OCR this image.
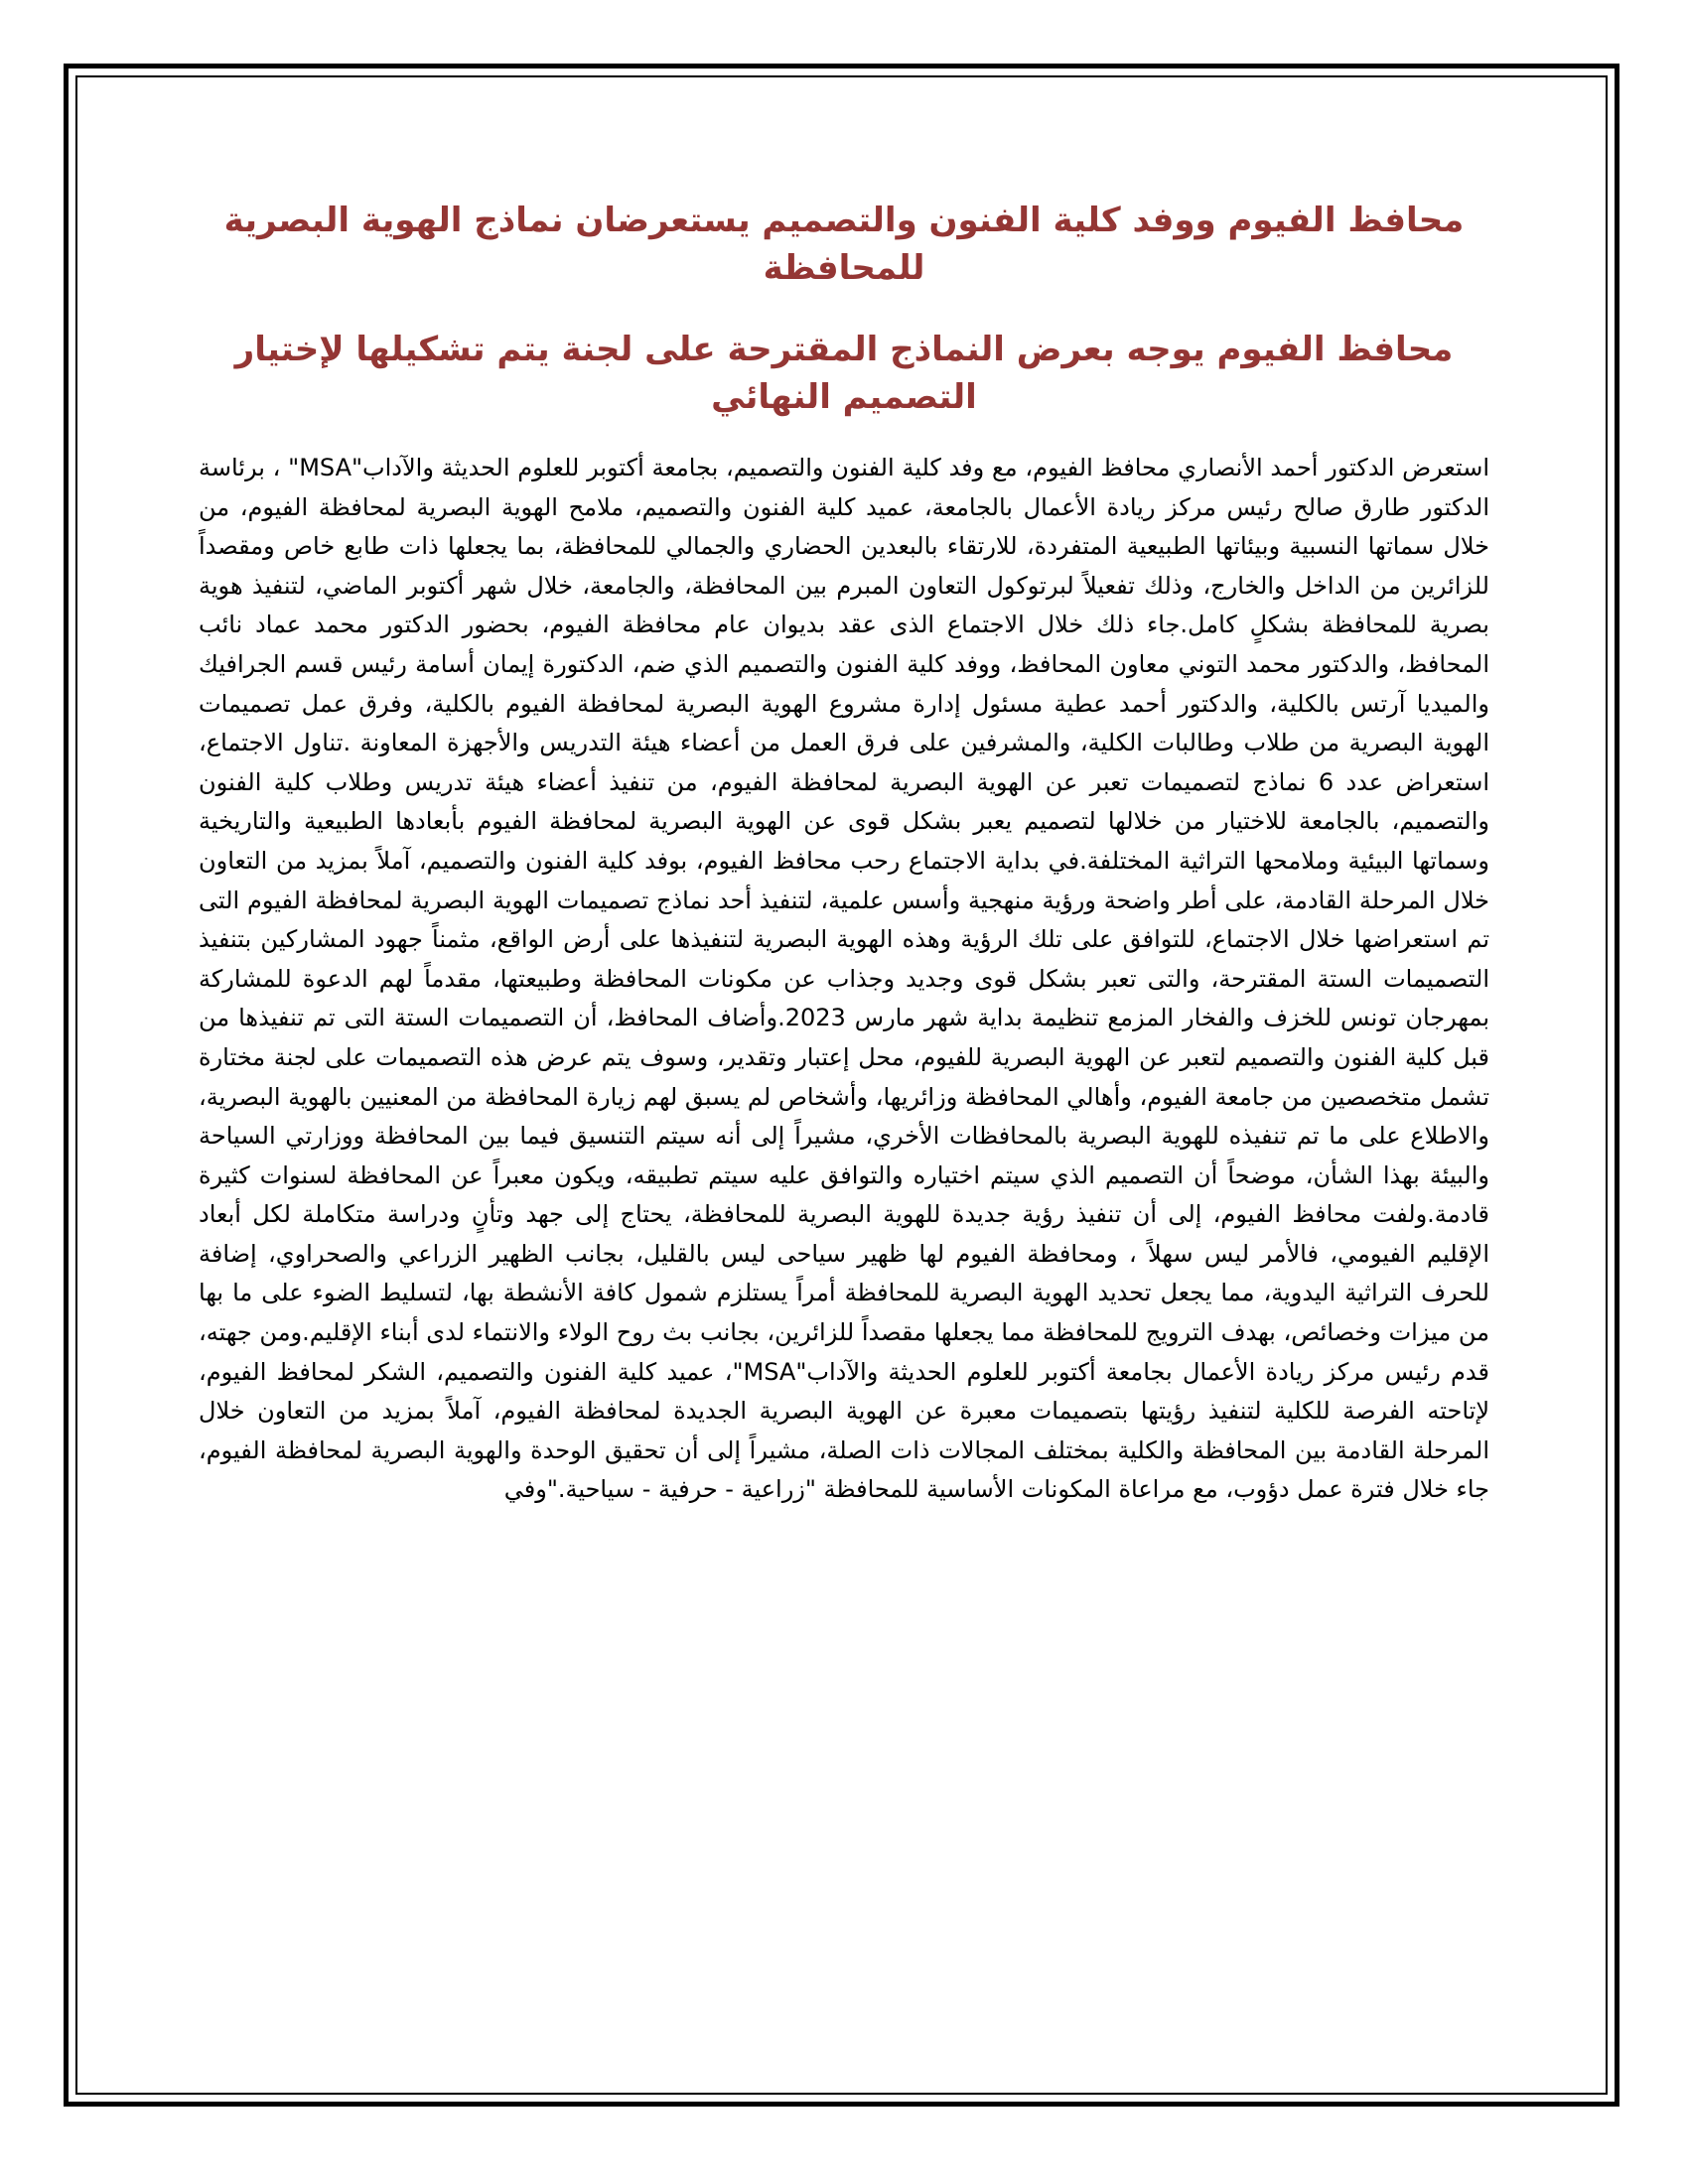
محافظ الفيوم ووفد كلية الفنون والتصميم يستعرضان نماذج الهوية البصرية للمحافظة
محافظ الفيوم يوجه بعرض النماذج المقترحة على لجنة يتم تشكيلها لإختيار التصميم النهائي

استعرض الدكتور أحمد الأنصاري محافظ الفيوم، مع وفد كلية الفنون والتصميم، بجامعة أكتوبر للعلوم الحديثة والآداب"MSA" ، برئاسة الدكتور طارق صالح رئيس مركز ريادة الأعمال بالجامعة، عميد كلية الفنون والتصميم، ملامح الهوية البصرية لمحافظة الفيوم، من خلال سماتها النسبية وبيئاتها الطبيعية المتفردة، للارتقاء بالبعدين الحضاري والجمالي للمحافظة، بما يجعلها ذات طابع خاص ومقصداً للزائرين من الداخل والخارج، وذلك تفعيلاً لبرتوكول التعاون المبرم بين المحافظة، والجامعة، خلال شهر أكتوبر الماضي، لتنفيذ هوية بصرية للمحافظة بشكلٍ كامل.جاء ذلك خلال الاجتماع الذى عقد بديوان عام محافظة الفيوم، بحضور الدكتور محمد عماد نائب المحافظ، والدكتور محمد التوني معاون المحافظ، ووفد كلية الفنون والتصميم الذي ضم، الدكتورة إيمان أسامة رئيس قسم الجرافيك والميديا آرتس بالكلية، والدكتور أحمد عطية مسئول إدارة مشروع الهوية البصرية لمحافظة الفيوم بالكلية، وفرق عمل تصميمات الهوية البصرية من طلاب وطالبات الكلية، والمشرفين على فرق العمل من أعضاء هيئة التدريس والأجهزة المعاونة .تناول الاجتماع، استعراض عدد 6 نماذج لتصميمات تعبر عن الهوية البصرية لمحافظة الفيوم، من تنفيذ أعضاء هيئة تدريس وطلاب كلية الفنون والتصميم، بالجامعة للاختيار من خلالها لتصميم يعبر بشكل قوى عن الهوية البصرية لمحافظة الفيوم بأبعادها الطبيعية والتاريخية وسماتها البيئية وملامحها التراثية المختلفة.في بداية الاجتماع رحب محافظ الفيوم، بوفد كلية الفنون والتصميم، آملاً بمزيد من التعاون خلال المرحلة القادمة، على أطر واضحة ورؤية منهجية وأسس علمية، لتنفيذ أحد نماذج تصميمات الهوية البصرية لمحافظة الفيوم التى تم استعراضها خلال الاجتماع، للتوافق على تلك الرؤية وهذه الهوية البصرية لتنفيذها على أرض الواقع، مثمناً جهود المشاركين بتنفيذ التصميمات الستة المقترحة، والتى تعبر بشكل قوى وجديد وجذاب عن مكونات المحافظة وطبيعتها، مقدماً لهم الدعوة للمشاركة بمهرجان تونس للخزف والفخار المزمع تنظيمة بداية شهر مارس 2023.وأضاف المحافظ، أن التصميمات الستة التى تم تنفيذها من قبل كلية الفنون والتصميم لتعبر عن الهوية البصرية للفيوم، محل إعتبار وتقدير، وسوف يتم عرض هذه التصميمات على لجنة مختارة تشمل متخصصين من جامعة الفيوم، وأهالي المحافظة وزائريها، وأشخاص لم يسبق لهم زيارة المحافظة من المعنيين بالهوية البصرية، والاطلاع على ما تم تنفيذه للهوية البصرية بالمحافظات الأخري، مشيراً إلى أنه سيتم التنسيق فيما بين المحافظة ووزارتي السياحة والبيئة بهذا الشأن، موضحاً أن التصميم الذي سيتم اختياره والتوافق عليه سيتم تطبيقه، ويكون معبراً عن المحافظة لسنوات كثيرة قادمة.ولفت محافظ الفيوم، إلى أن تنفيذ رؤية جديدة للهوية البصرية للمحافظة، يحتاج إلى جهد وتأنٍ ودراسة متكاملة لكل أبعاد الإقليم الفيومي، فالأمر ليس سهلاً ، ومحافظة الفيوم لها ظهير سياحى ليس بالقليل، بجانب الظهير الزراعي والصحراوي، إضافة للحرف التراثية اليدوية، مما يجعل تحديد الهوية البصرية للمحافظة أمراً يستلزم شمول كافة الأنشطة بها، لتسليط الضوء على ما بها من ميزات وخصائص، بهدف الترويج للمحافظة مما يجعلها مقصداً للزائرين، بجانب بث روح الولاء والانتماء لدى أبناء الإقليم.ومن جهته، قدم رئيس مركز ريادة الأعمال بجامعة أكتوبر للعلوم الحديثة والآداب"MSA"، عميد كلية الفنون والتصميم، الشكر لمحافظ الفيوم، لإتاحته الفرصة للكلية لتنفيذ رؤيتها بتصميمات معبرة عن الهوية البصرية الجديدة لمحافظة الفيوم، آملاً بمزيد من التعاون خلال المرحلة القادمة بين المحافظة والكلية بمختلف المجالات ذات الصلة، مشيراً إلى أن تحقيق الوحدة والهوية البصرية لمحافظة الفيوم، جاء خلال فترة عمل دؤوب، مع مراعاة المكونات الأساسية للمحافظة "زراعية - حرفية - سياحية."وفي
